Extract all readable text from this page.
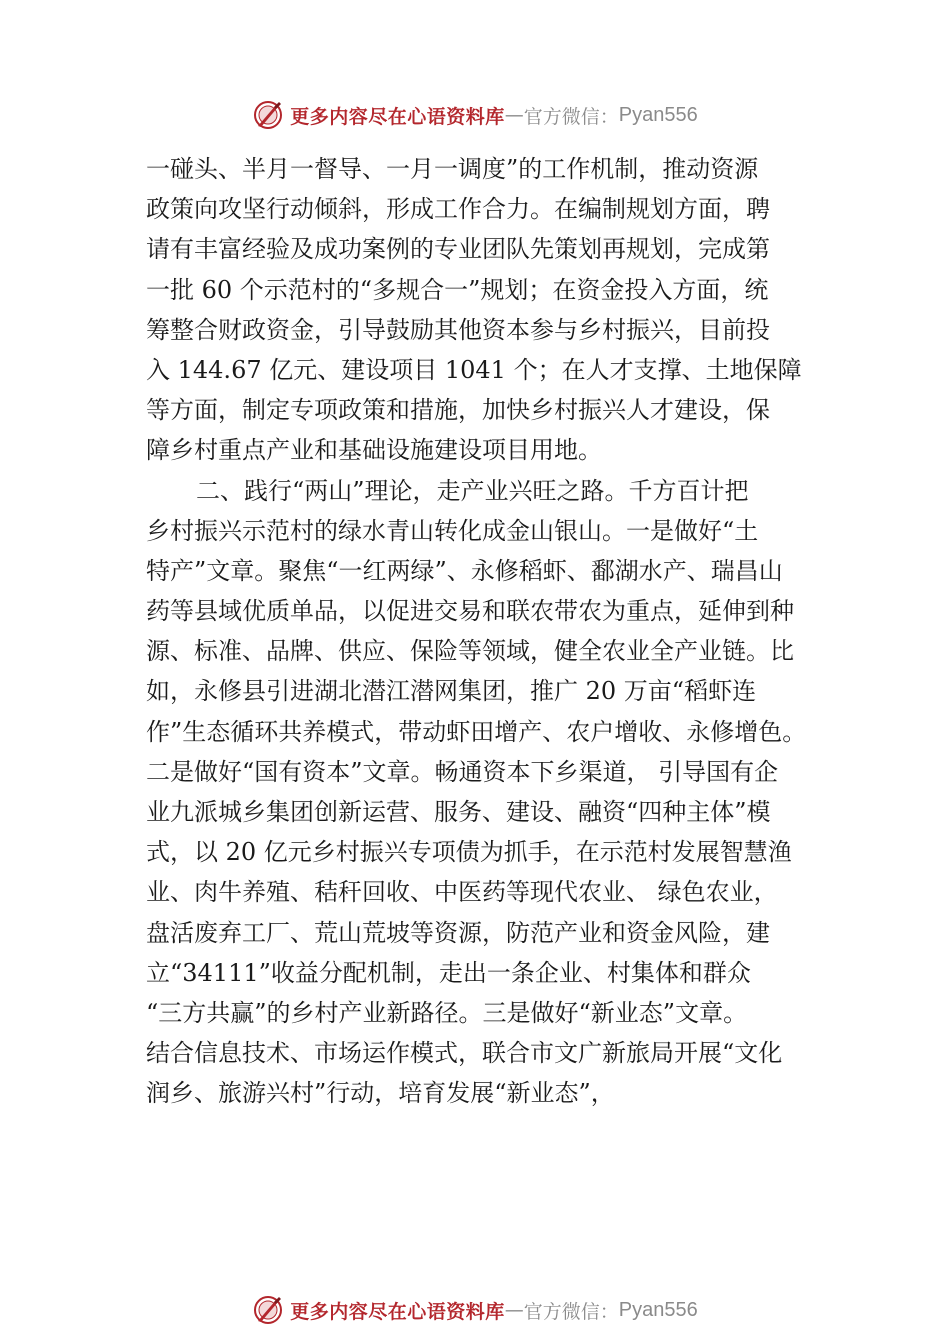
更多内容尽在心语资料库 — 官方微信： Pyan556
一碰头、半月一督导、一月一调度”的工作机制，推动资源
政策向攻坚行动倾斜，形成工作合力。在编制规划方面，聘
请有丰富经验及成功案例的专业团队先策划再规划，完成第
一批 60 个示范村的“多规合一”规划；在资金投入方面，统
筹整合财政资金，引导鼓励其他资本参与乡村振兴，目前投
入 144.67 亿元、建设项目 1041 个；在人才支撑、土地保障
等方面，制定专项政策和措施，加快乡村振兴人才建设，保
障乡村重点产业和基础设施建设项目用地。
二、践行“两山”理论，走产业兴旺之路。千方百计把
乡村振兴示范村的绿水青山转化成金山银山。一是做好“土
特产”文章。聚焦“一红两绿”、永修稻虾、鄱湖水产、瑞昌山
药等县域优质单品，以促进交易和联农带农为重点，延伸到种
源、标准、品牌、供应、保险等领域，健全农业全产业链。比
如，永修县引进湖北潜江潜网集团，推广 20 万亩“稻虾连
作”生态循环共养模式，带动虾田增产、农户增收、永修增色。
二是做好“国有资本”文章。畅通资本下乡渠道， 引导国有企
业九派城乡集团创新运营、服务、建设、融资“四种主体”模
式，以 20 亿元乡村振兴专项债为抓手，在示范村发展智慧渔
业、肉牛养殖、秸秆回收、中医药等现代农业、 绿色农业，
盘活废弃工厂、荒山荒坡等资源，防范产业和资金风险，建
立“34111”收益分配机制，走出一条企业、村集体和群众
“三方共赢”的乡村产业新路径。三是做好“新业态”文章。
结合信息技术、市场运作模式，联合市文广新旅局开展“文化
润乡、旅游兴村”行动，培育发展“新业态”，
更多内容尽在心语资料库 — 官方微信： Pyan556
